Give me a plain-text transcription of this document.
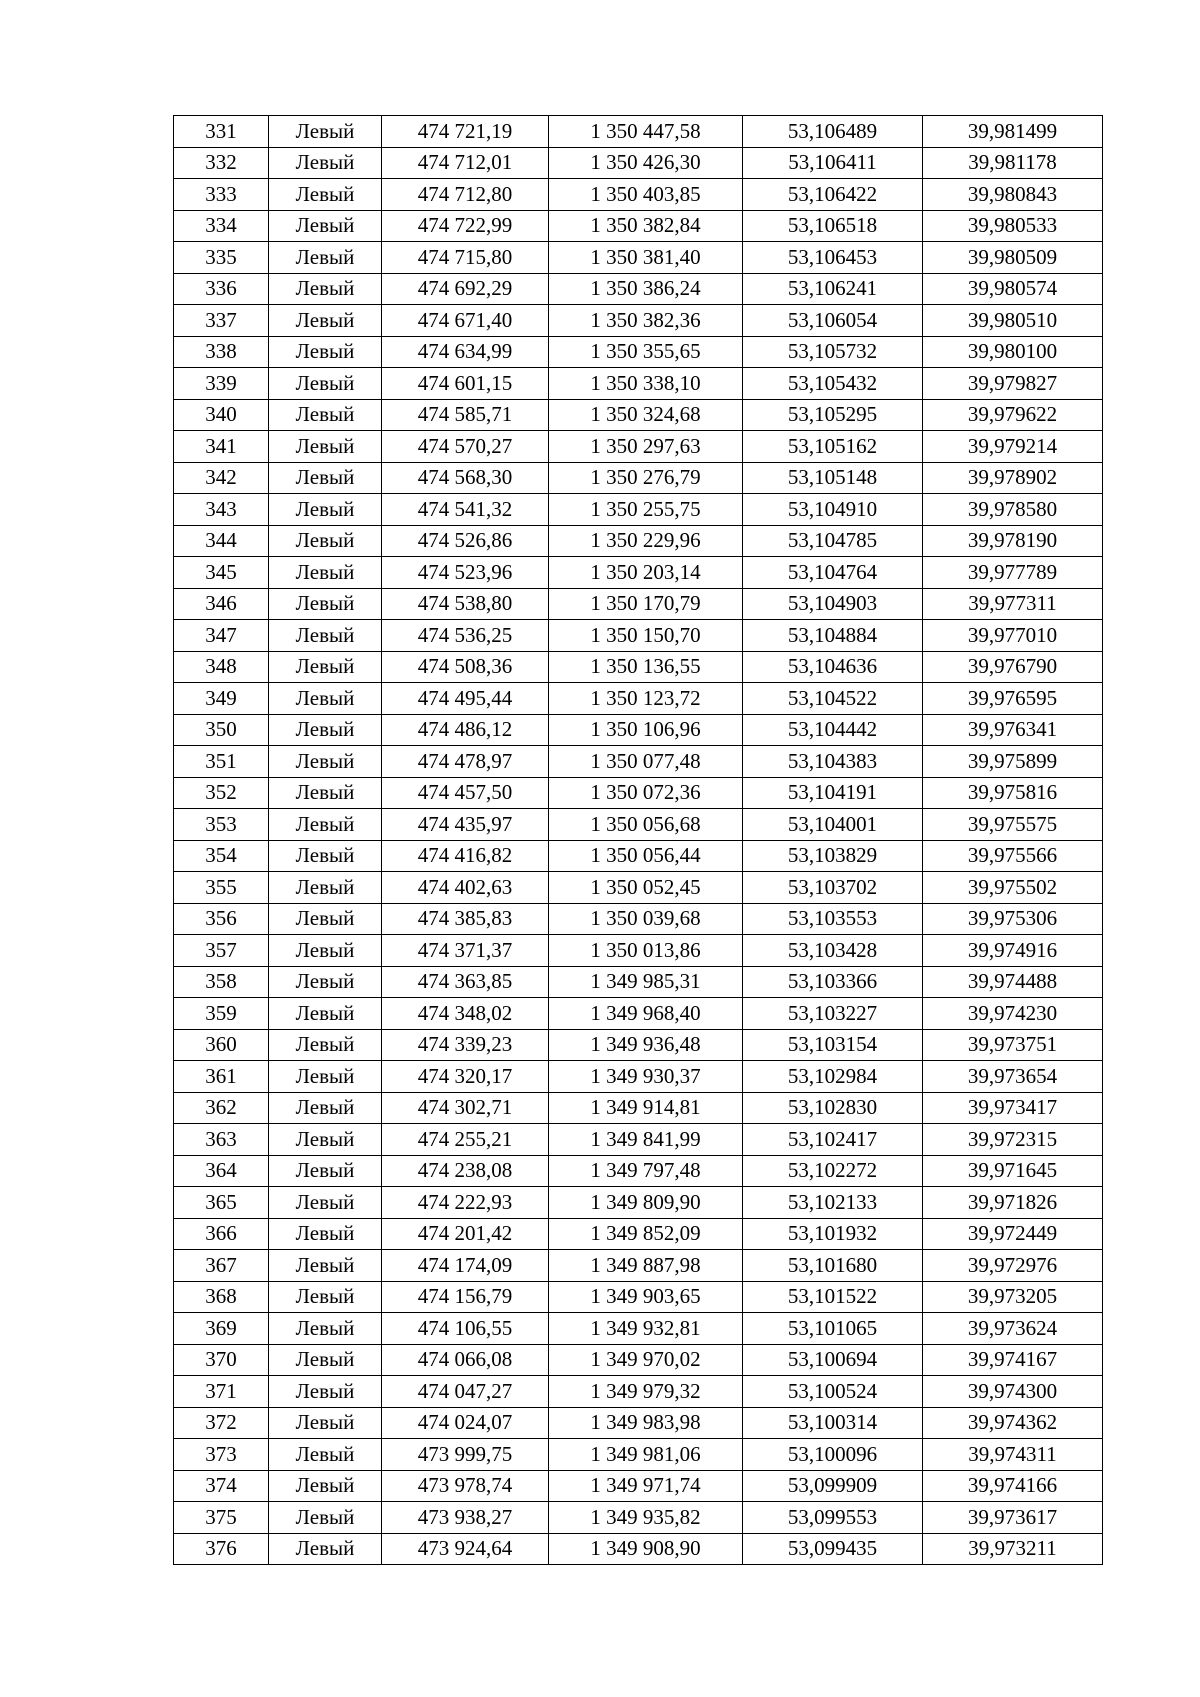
331	Левый	474 721,19	1 350 447,58	53,106489	39,981499
332	Левый	474 712,01	1 350 426,30	53,106411	39,981178
333	Левый	474 712,80	1 350 403,85	53,106422	39,980843
334	Левый	474 722,99	1 350 382,84	53,106518	39,980533
335	Левый	474 715,80	1 350 381,40	53,106453	39,980509
336	Левый	474 692,29	1 350 386,24	53,106241	39,980574
337	Левый	474 671,40	1 350 382,36	53,106054	39,980510
338	Левый	474 634,99	1 350 355,65	53,105732	39,980100
339	Левый	474 601,15	1 350 338,10	53,105432	39,979827
340	Левый	474 585,71	1 350 324,68	53,105295	39,979622
341	Левый	474 570,27	1 350 297,63	53,105162	39,979214
342	Левый	474 568,30	1 350 276,79	53,105148	39,978902
343	Левый	474 541,32	1 350 255,75	53,104910	39,978580
344	Левый	474 526,86	1 350 229,96	53,104785	39,978190
345	Левый	474 523,96	1 350 203,14	53,104764	39,977789
346	Левый	474 538,80	1 350 170,79	53,104903	39,977311
347	Левый	474 536,25	1 350 150,70	53,104884	39,977010
348	Левый	474 508,36	1 350 136,55	53,104636	39,976790
349	Левый	474 495,44	1 350 123,72	53,104522	39,976595
350	Левый	474 486,12	1 350 106,96	53,104442	39,976341
351	Левый	474 478,97	1 350 077,48	53,104383	39,975899
352	Левый	474 457,50	1 350 072,36	53,104191	39,975816
353	Левый	474 435,97	1 350 056,68	53,104001	39,975575
354	Левый	474 416,82	1 350 056,44	53,103829	39,975566
355	Левый	474 402,63	1 350 052,45	53,103702	39,975502
356	Левый	474 385,83	1 350 039,68	53,103553	39,975306
357	Левый	474 371,37	1 350 013,86	53,103428	39,974916
358	Левый	474 363,85	1 349 985,31	53,103366	39,974488
359	Левый	474 348,02	1 349 968,40	53,103227	39,974230
360	Левый	474 339,23	1 349 936,48	53,103154	39,973751
361	Левый	474 320,17	1 349 930,37	53,102984	39,973654
362	Левый	474 302,71	1 349 914,81	53,102830	39,973417
363	Левый	474 255,21	1 349 841,99	53,102417	39,972315
364	Левый	474 238,08	1 349 797,48	53,102272	39,971645
365	Левый	474 222,93	1 349 809,90	53,102133	39,971826
366	Левый	474 201,42	1 349 852,09	53,101932	39,972449
367	Левый	474 174,09	1 349 887,98	53,101680	39,972976
368	Левый	474 156,79	1 349 903,65	53,101522	39,973205
369	Левый	474 106,55	1 349 932,81	53,101065	39,973624
370	Левый	474 066,08	1 349 970,02	53,100694	39,974167
371	Левый	474 047,27	1 349 979,32	53,100524	39,974300
372	Левый	474 024,07	1 349 983,98	53,100314	39,974362
373	Левый	473 999,75	1 349 981,06	53,100096	39,974311
374	Левый	473 978,74	1 349 971,74	53,099909	39,974166
375	Левый	473 938,27	1 349 935,82	53,099553	39,973617
376	Левый	473 924,64	1 349 908,90	53,099435	39,973211
